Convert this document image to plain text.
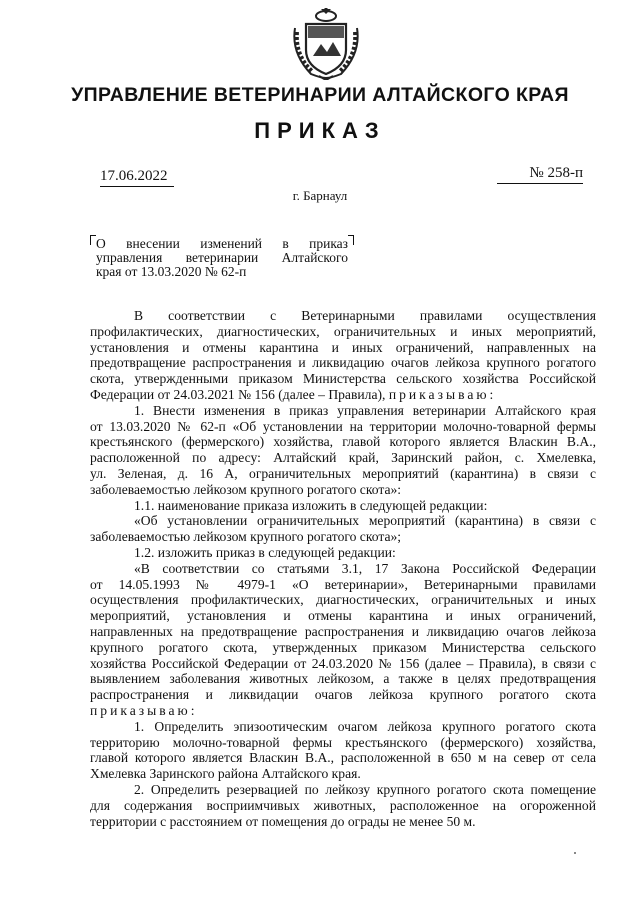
УПРАВЛЕНИЕ ВЕТЕРИНАРИИ АЛТАЙСКОГО КРАЯ
ПРИКАЗ
17.06.2022	№ 258-п
г. Барнаул
О внесении изменений в приказ
управления ветеринарии Алтайского
края от 13.03.2020 № 62-п
В соответствии с Ветеринарными правилами осуществления
профилактических, диагностических, ограничительных и иных мероприятий,
установления и отмены карантина и иных ограничений, направленных на
предотвращение распространения и ликвидацию очагов лейкоза крупного рогатого
скота, утвержденными приказом Министерства сельского хозяйства Российской
Федерации от 24.03.2021 № 156 (далее – Правила), приказываю:
1. Внести изменения в приказ управления ветеринарии Алтайского края
от 13.03.2020 № 62-п «Об установлении на территории молочно-товарной фермы
крестьянского (фермерского) хозяйства, главой которого является Власкин В.А.,
расположенной по адресу: Алтайский край, Заринский район, с. Хмелевка,
ул. Зеленая, д. 16 А, ограничительных мероприятий (карантина) в связи с
заболеваемостью лейкозом крупного рогатого скота»:
1.1. наименование приказа изложить в следующей редакции:
«Об установлении ограничительных мероприятий (карантина) в связи с
заболеваемостью лейкозом крупного рогатого скота»;
1.2. изложить приказ в следующей редакции:
«В соответствии со статьями 3.1, 17 Закона Российской Федерации
от 14.05.1993 № 4979-1 «О ветеринарии», Ветеринарными правилами
осуществления профилактических, диагностических, ограничительных и иных
мероприятий, установления и отмены карантина и иных ограничений,
направленных на предотвращение распространения и ликвидацию очагов лейкоза
крупного рогатого скота, утвержденных приказом Министерства сельского
хозяйства Российской Федерации от 24.03.2020 № 156 (далее – Правила), в связи с
выявлением заболевания животных лейкозом, а также в целях предотвращения
распространения и ликвидации очагов лейкоза крупного рогатого скота
приказываю:
1. Определить эпизоотическим очагом лейкоза крупного рогатого скота
территорию молочно-товарной фермы крестьянского (фермерского) хозяйства,
главой которого является Власкин В.А., расположенной в 650 м на север от села
Хмелевка Заринского района Алтайского края.
2. Определить резервацией по лейкозу крупного рогатого скота помещение
для содержания восприимчивых животных, расположенное на огороженной
территории с расстоянием от помещения до ограды не менее 50 м.
